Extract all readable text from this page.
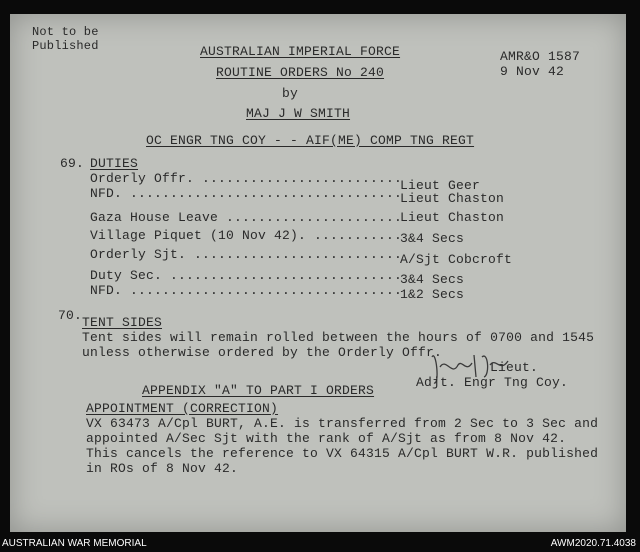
Not to be
Published
AMR&O 1587
9 Nov 42
AUSTRALIAN IMPERIAL FORCE
ROUTINE ORDERS No 240
by
MAJ J W SMITH
OC ENGR TNG COY - - AIF(ME) COMP TNG REGT
69. DUTIES
Orderly Offr. .........................
Lieut Geer
NFD. ..................................
Lieut Chaston
Gaza House Leave ......................
Lieut Chaston
Village Piquet (10 Nov 42). ...........
3&4 Secs
Orderly Sjt. ..........................
A/Sjt Cobcroft
Duty Sec. .............................
3&4 Secs
NFD. ..................................
1&2 Secs
70. TENT SIDES
Tent sides will remain rolled between the hours of 0700 and 1545
unless otherwise ordered by the Orderly Offr.
Lieut.
Adjt. Engr Tng Coy.
APPENDIX "A" TO PART I ORDERS
APPOINTMENT (CORRECTION)
VX 63473 A/Cpl BURT, A.E. is transferred from 2 Sec to 3 Sec and
appointed A/Sec Sjt with the rank of A/Sjt as from 8 Nov 42.
This cancels the reference to VX 64315 A/Cpl BURT W.R. published
in ROs of 8 Nov 42.
AUSTRALIAN WAR MEMORIAL	AWM2020.71.4038
